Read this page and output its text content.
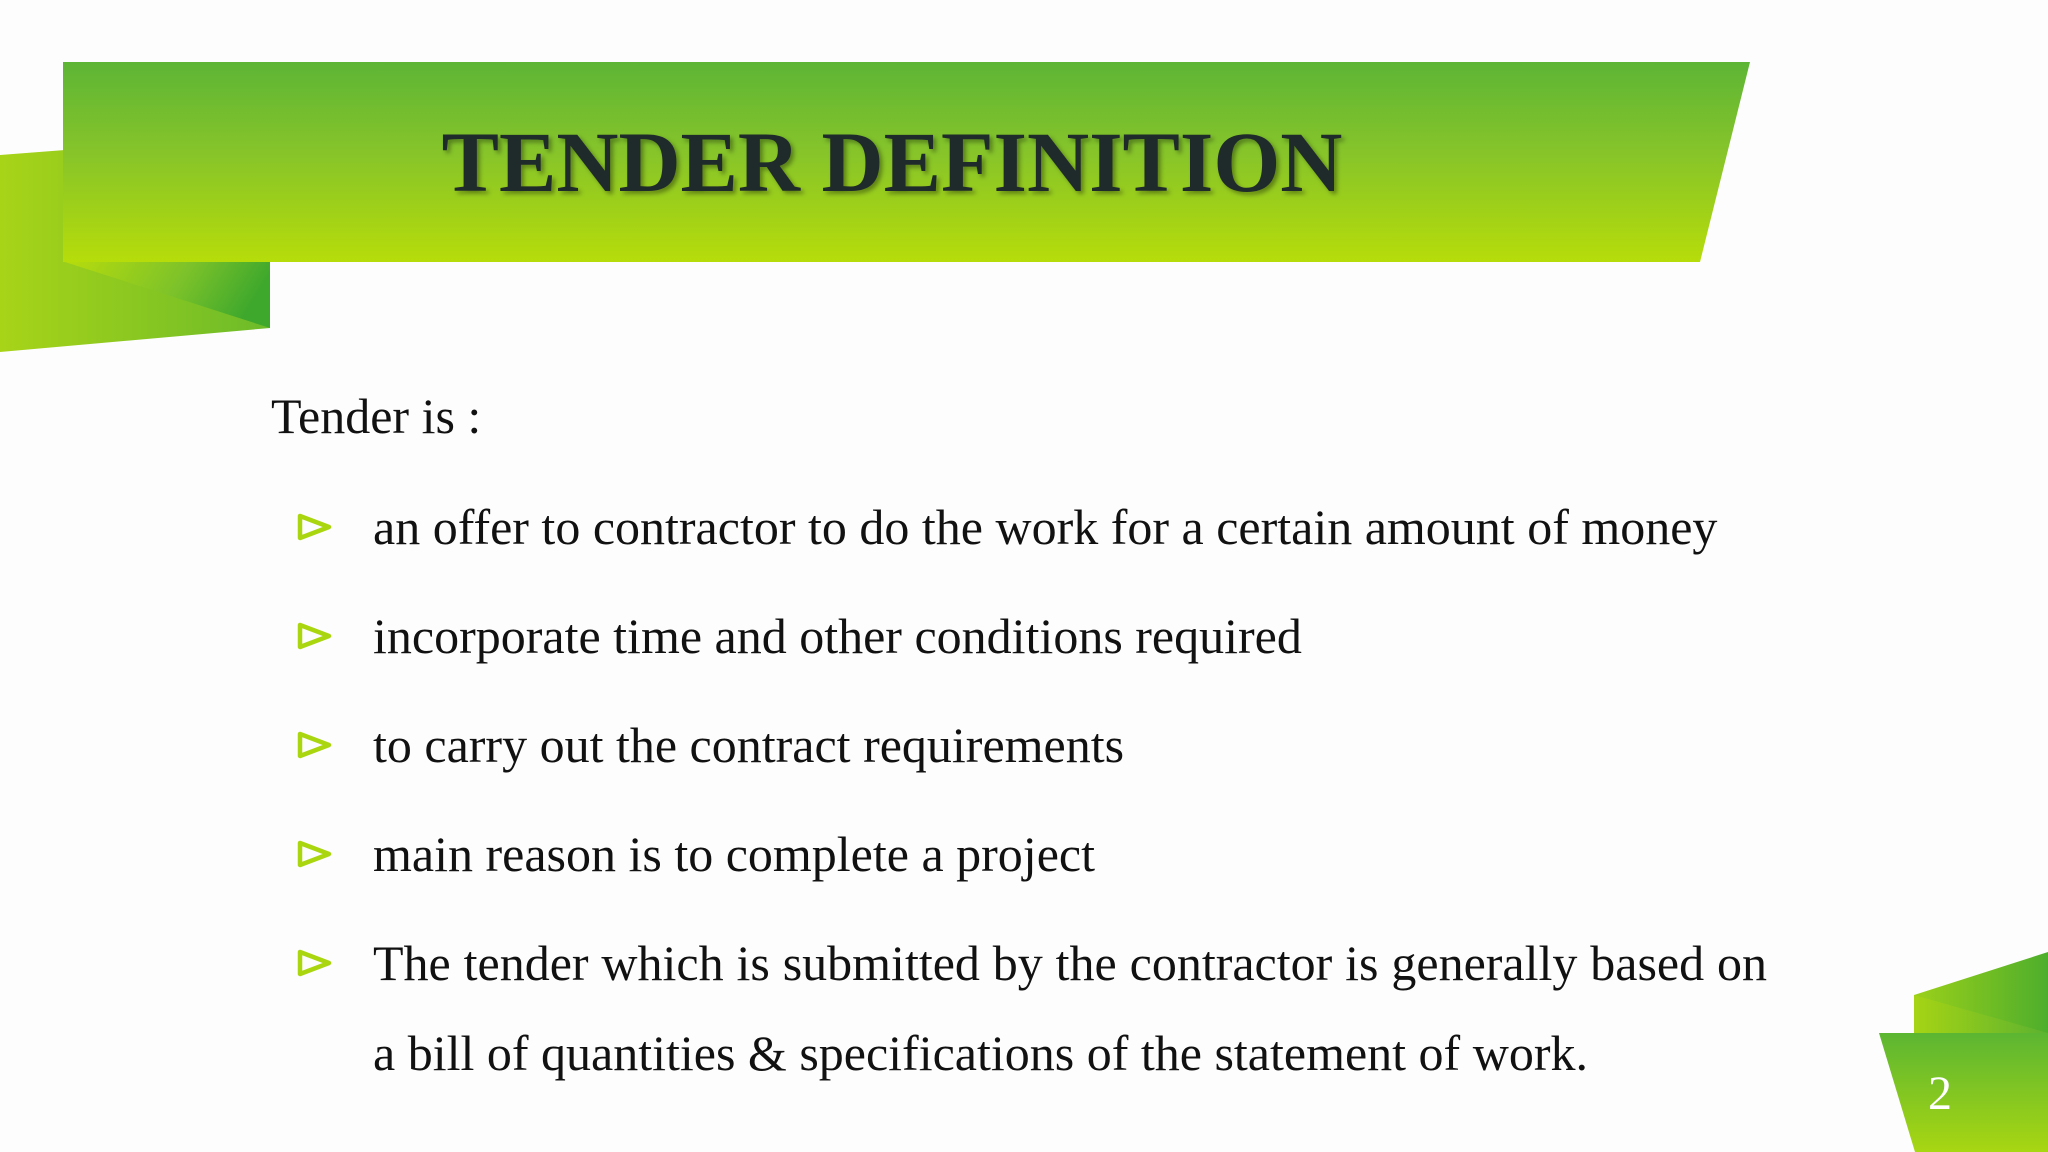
TENDER DEFINITION
Tender is :
an offer to contractor to do the work for a certain amount of money
incorporate time and other conditions required
to carry out the contract requirements
main reason is to complete a project
The tender which is submitted by the contractor is generally based on a bill of quantities & specifications of the statement of work.
2
